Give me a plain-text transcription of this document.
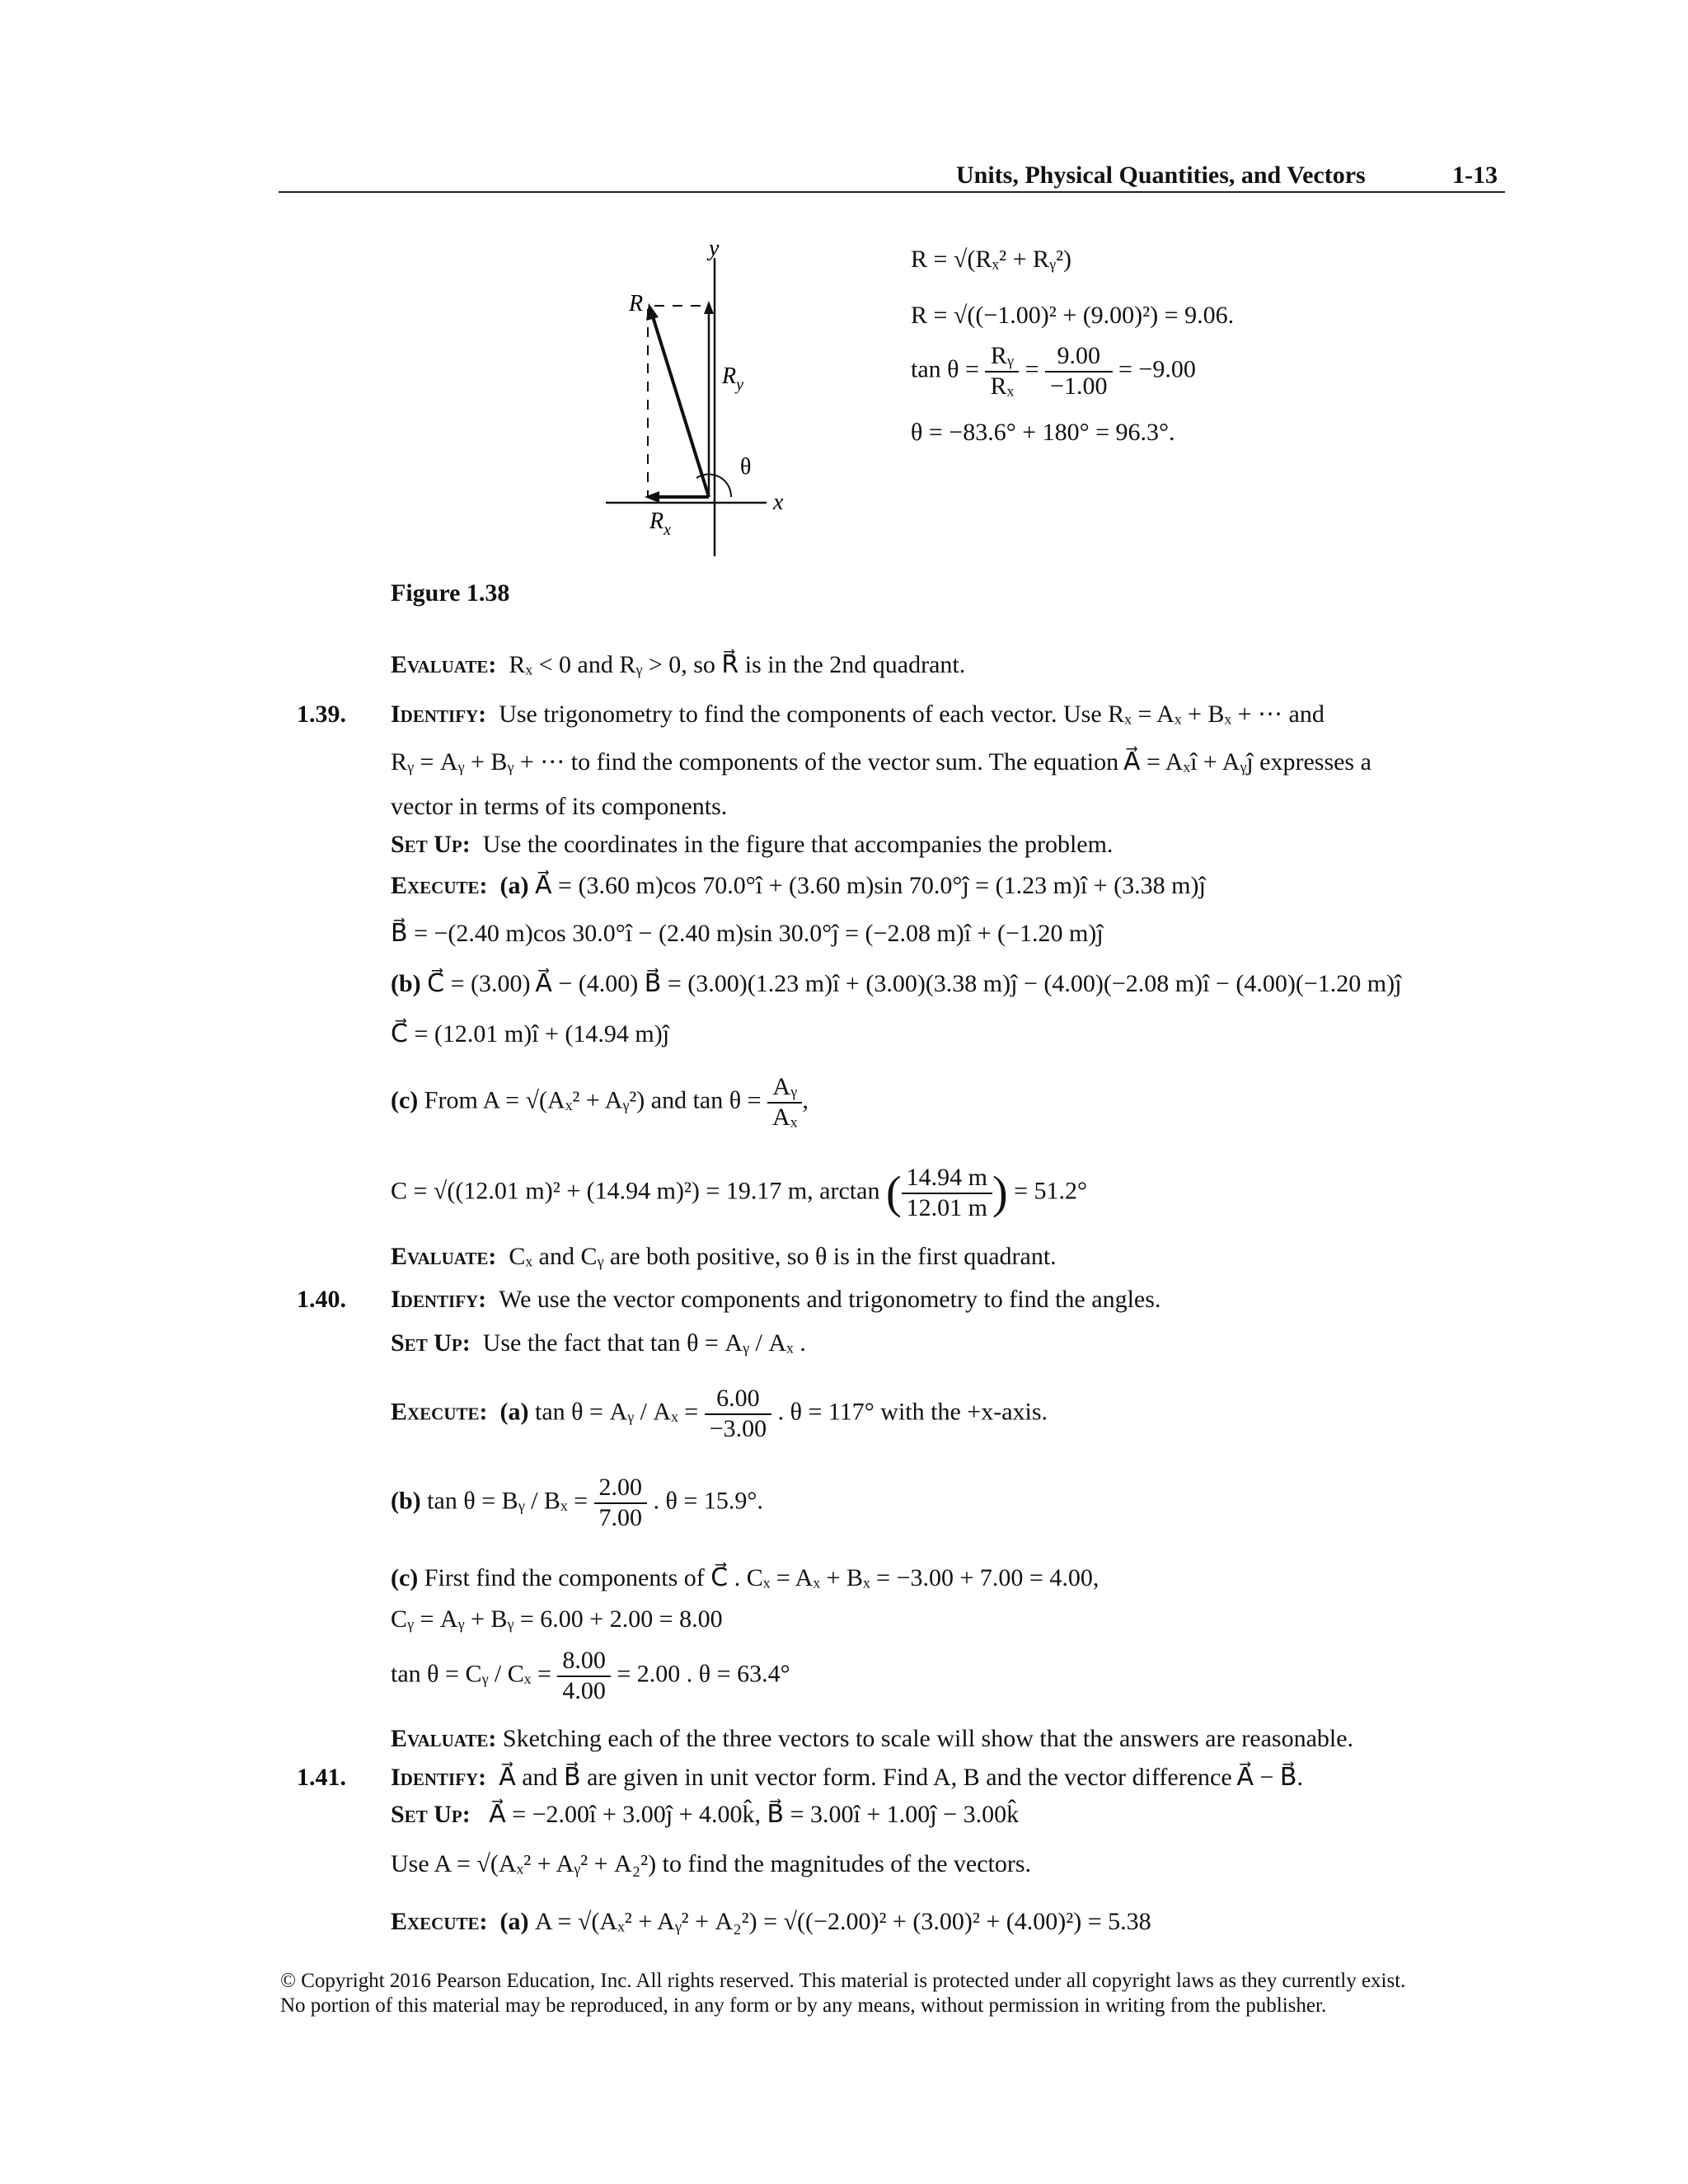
Units, Physical Quantities, and Vectors	1-13
y
x
R
$R_y$
$R_x$
θ
Figure 1.38
R = √(Rₓ² + Rᵧ²)
R = √((−1.00)² + (9.00)²) = 9.06.
$\tan \theta = \frac{\text{Rᵧ}}{\text{Rₓ}} = \frac{9.00}{-1.00} = -9.00$
θ = −83.6° + 180° = 96.3°.
Evaluate: Rₓ < 0 and Rᵧ > 0, so R⃗ is in the 2nd quadrant.
1.39. Identify: Use trigonometry to find the components of each vector. Use Rₓ = Aₓ + Bₓ + ⋯ and
Rᵧ = Aᵧ + Bᵧ + ⋯ to find the components of the vector sum. The equation A⃗ = Aₓî + Aᵧĵ expresses a
vector in terms of its components.
Set Up: Use the coordinates in the figure that accompanies the problem.
Execute: (a) A⃗ = (3.60 m)cos 70.0°î + (3.60 m)sin 70.0°ĵ = (1.23 m)î + (3.38 m)ĵ
B⃗ = −(2.40 m)cos 30.0°î − (2.40 m)sin 30.0°ĵ = (−2.08 m)î + (−1.20 m)ĵ
(b) C⃗ = (3.00) A⃗ − (4.00) B⃗ = (3.00)(1.23 m)î + (3.00)(3.38 m)ĵ − (4.00)(−2.08 m)î − (4.00)(−1.20 m)ĵ
C⃗ = (12.01 m)î + (14.94 m)ĵ
(c) From A = √(Aₓ² + Aᵧ²) and $\tan \theta = \frac{\text{Aᵧ}}{\text{Aₓ}}$ ,
C = √((12.01 m)² + (14.94 m)²) = 19.17 m, arctan ( $\frac{14.94 m}{12.01 m}$ ) = 51.2°
Evaluate: Cₓ and Cᵧ are both positive, so θ is in the first quadrant.
1.40. Identify: We use the vector components and trigonometry to find the angles.
Set Up: Use the fact that tan θ = Aᵧ / Aₓ .
Execute: (a) tan θ = Aᵧ / $A_x = \frac{6.00}{-3.00}$ . θ = 117° with the +x-axis.
(b) tan θ = Bᵧ / $B_x = \frac{2.00}{7.00}$ . θ = 15.9°.
(c) First find the components of C⃗ . Cₓ = Aₓ + Bₓ = −3.00 + 7.00 = 4.00,
Cᵧ = Aᵧ + Bᵧ = 6.00 + 2.00 = 8.00
tan θ = Cᵧ / $C_x = \frac{8.00}{4.00} = 2.00$ . θ = 63.4°
Evaluate: Sketching each of the three vectors to scale will show that the answers are reasonable.
1.41. Identify: A⃗ and B⃗ are given in unit vector form. Find A, B and the vector difference A⃗ − B⃗.
Set Up: A⃗ = −2.00î + 3.00ĵ + 4.00k̂, B⃗ = 3.00î + 1.00ĵ − 3.00k̂
Use A = √(Aₓ² + Aᵧ² + A₂²) to find the magnitudes of the vectors.
Execute: (a) A = √(Aₓ² + Aᵧ² + A₂²) = √((−2.00)² + (3.00)² + (4.00)²) = 5.38
© Copyright 2016 Pearson Education, Inc. All rights reserved. This material is protected under all copyright laws as they currently exist.
No portion of this material may be reproduced, in any form or by any means, without permission in writing from the publisher.
